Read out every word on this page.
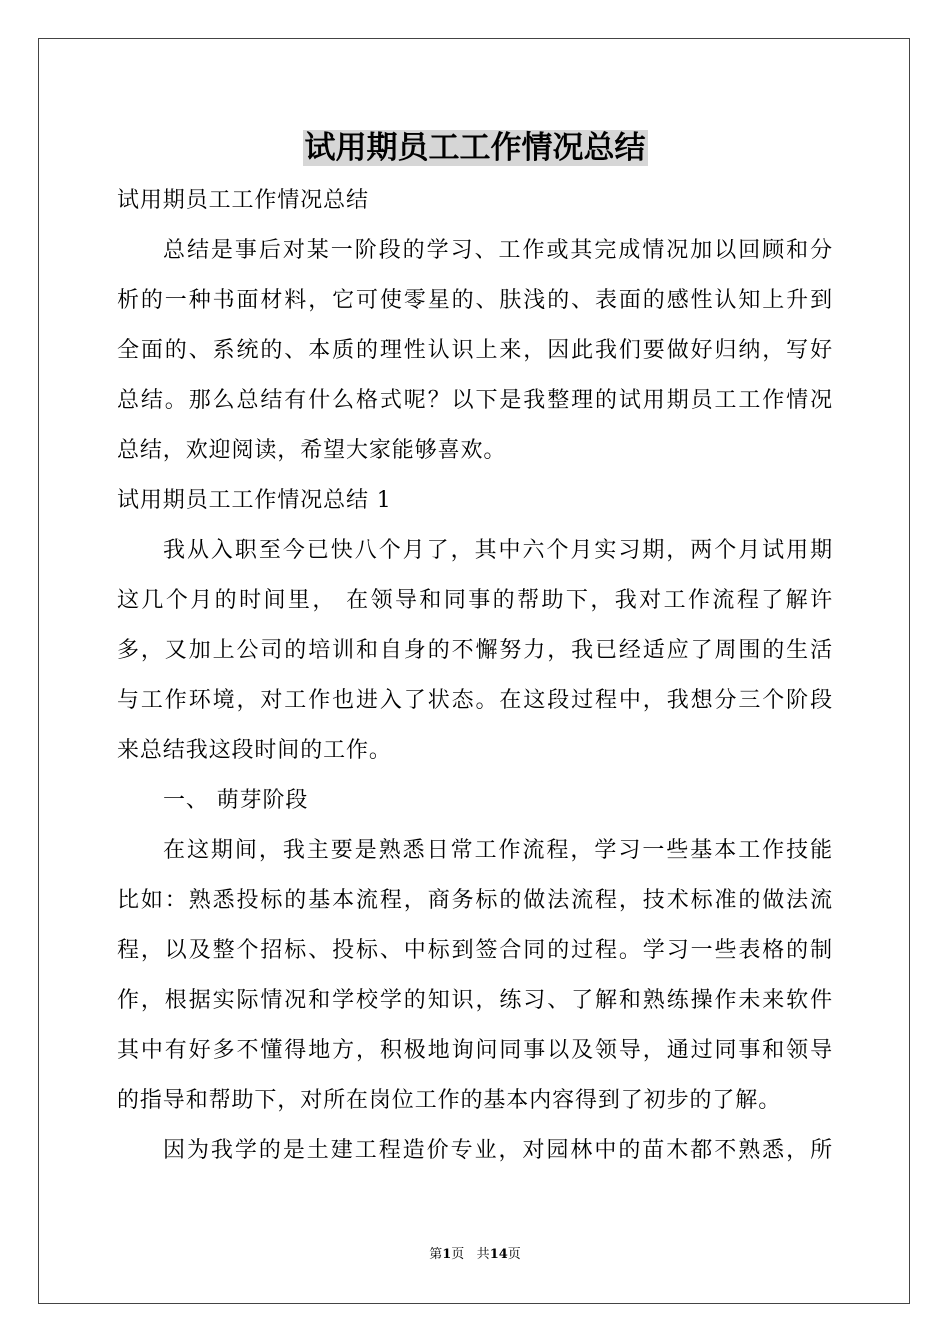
试用期员工工作情况总结
试用期员工工作情况总结
总结是事后对某一阶段的学习、工作或其完成情况加以回顾和分
析的一种书面材料，它可使零星的、肤浅的、表面的感性认知上升到
全面的、系统的、本质的理性认识上来，因此我们要做好归纳，写好
总结。那么总结有什么格式呢？以下是我整理的试用期员工工作情况
总结，欢迎阅读，希望大家能够喜欢。
试用期员工工作情况总结 1
我从入职至今已快八个月了，其中六个月实习期，两个月试用期
这几个月的时间里， 在领导和同事的帮助下，我对工作流程了解许
多，又加上公司的培训和自身的不懈努力，我已经适应了周围的生活
与工作环境，对工作也进入了状态。在这段过程中，我想分三个阶段
来总结我这段时间的工作。
一、 萌芽阶段
在这期间，我主要是熟悉日常工作流程，学习一些基本工作技能
比如：熟悉投标的基本流程，商务标的做法流程，技术标准的做法流
程，以及整个招标、投标、中标到签合同的过程。学习一些表格的制
作，根据实际情况和学校学的知识，练习、了解和熟练操作未来软件
其中有好多不懂得地方，积极地询问同事以及领导，通过同事和领导
的指导和帮助下，对所在岗位工作的基本内容得到了初步的了解。
因为我学的是土建工程造价专业，对园林中的苗木都不熟悉，所
第1页 共14页
